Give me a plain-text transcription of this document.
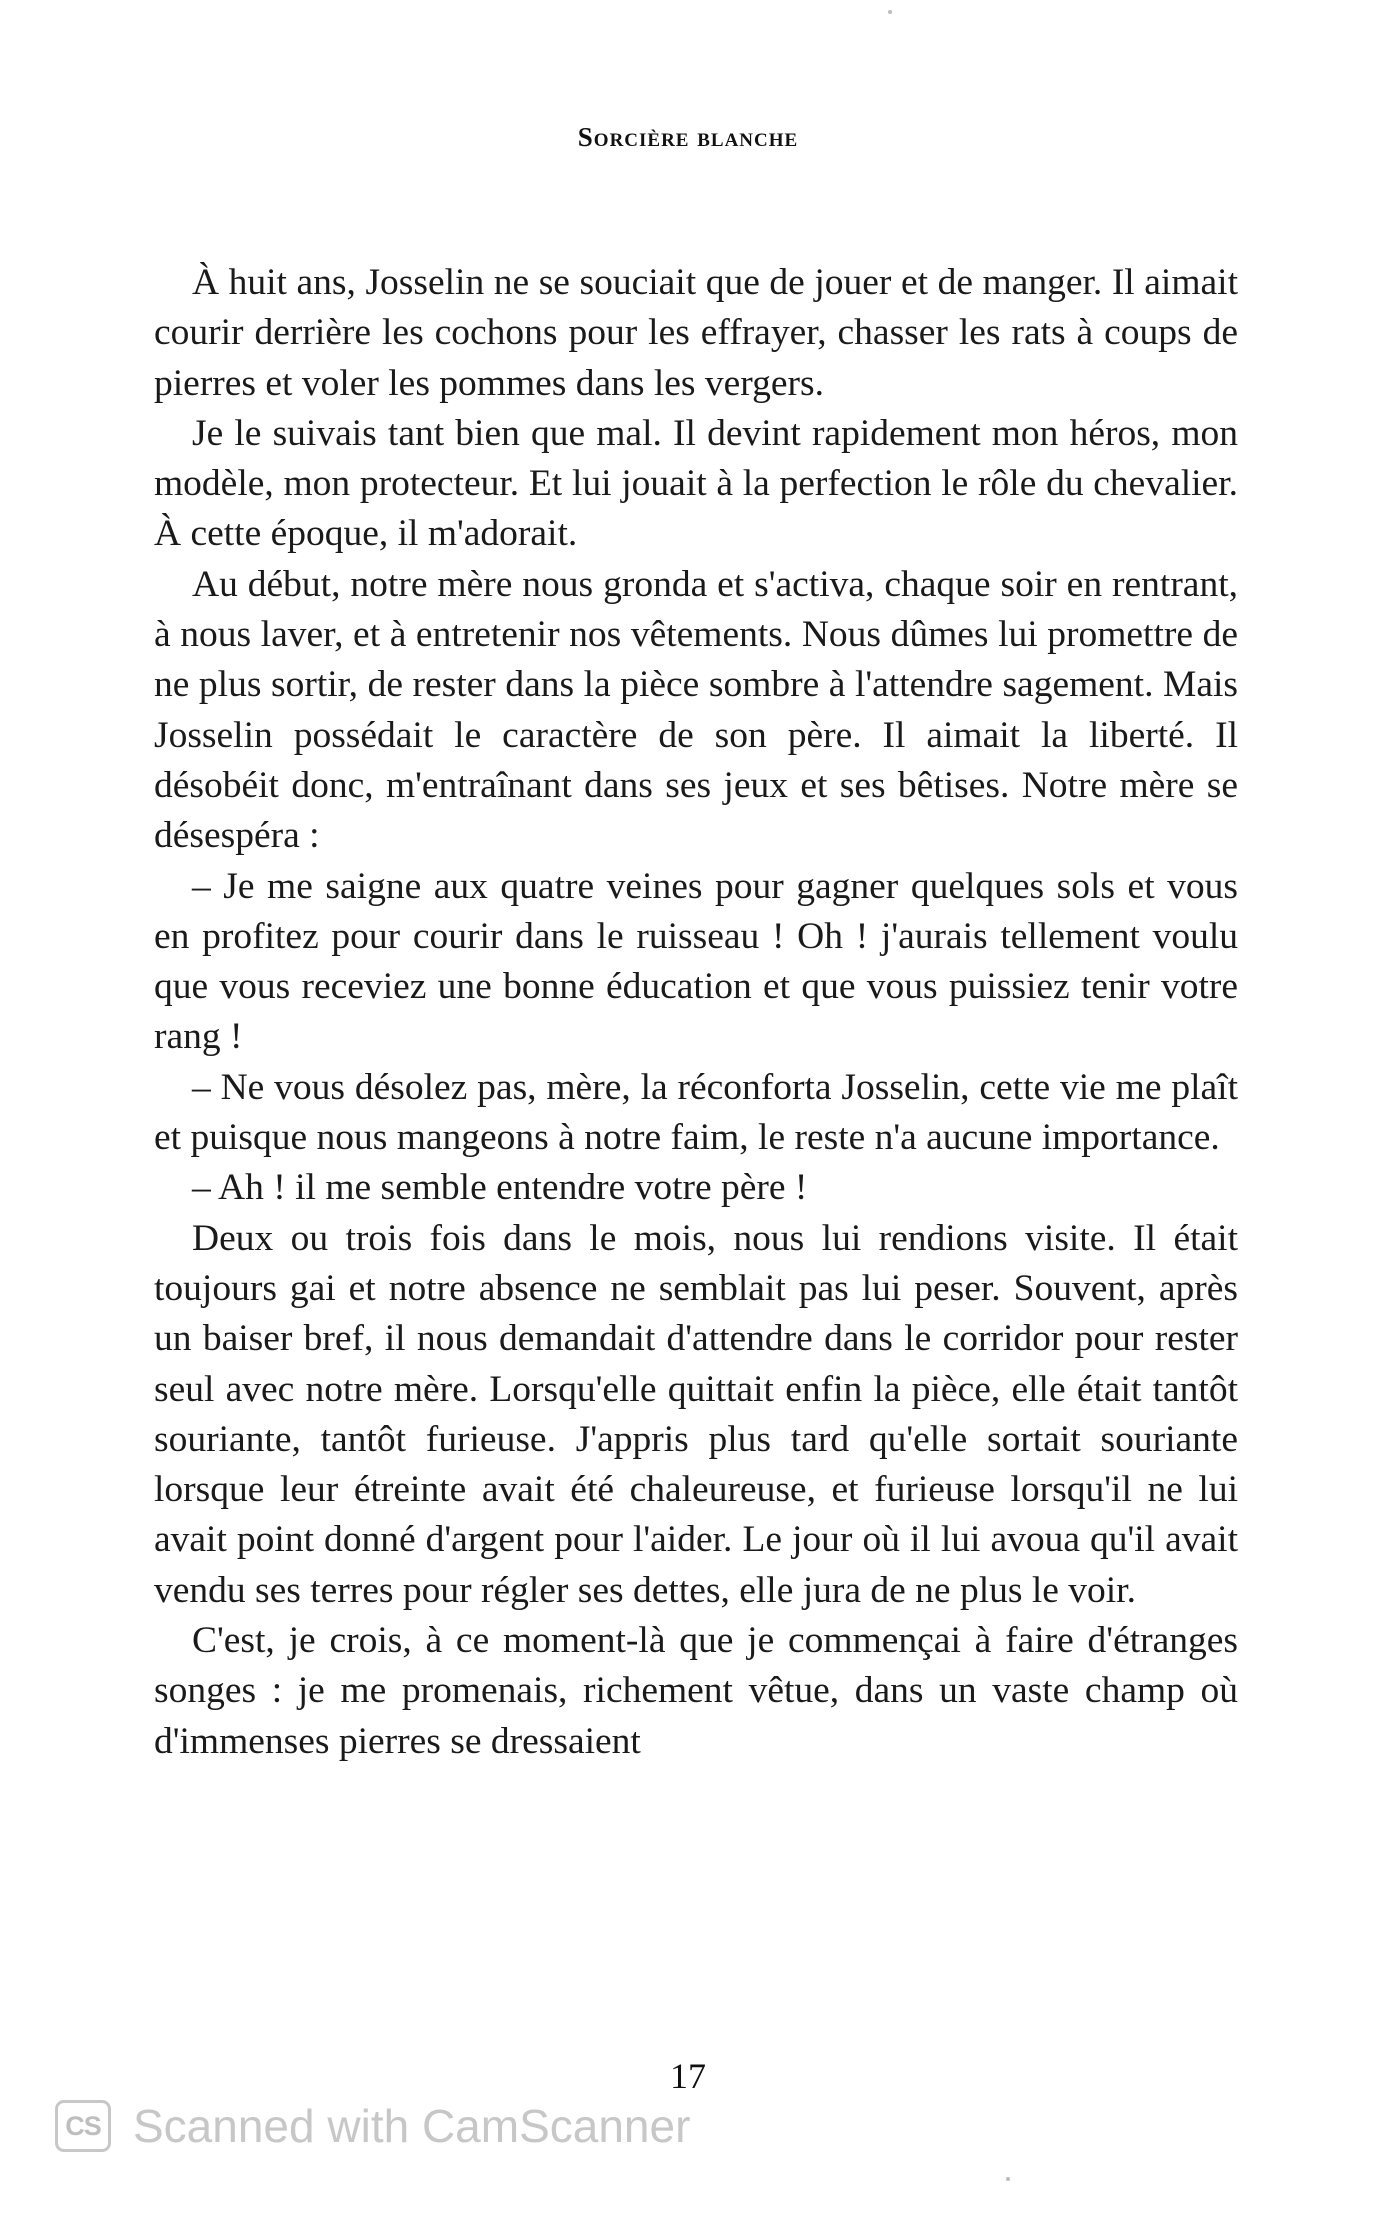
Sorcière blanche

À huit ans, Josselin ne se souciait que de jouer et de manger. Il aimait courir derrière les cochons pour les effrayer, chasser les rats à coups de pierres et voler les pommes dans les vergers.

Je le suivais tant bien que mal. Il devint rapidement mon héros, mon modèle, mon protecteur. Et lui jouait à la perfection le rôle du chevalier. À cette époque, il m'adorait.

Au début, notre mère nous gronda et s'activa, chaque soir en rentrant, à nous laver, et à entretenir nos vêtements. Nous dûmes lui promettre de ne plus sortir, de rester dans la pièce sombre à l'attendre sagement. Mais Josselin possédait le caractère de son père. Il aimait la liberté. Il désobéit donc, m'entraînant dans ses jeux et ses bêtises. Notre mère se désespéra :

– Je me saigne aux quatre veines pour gagner quelques sols et vous en profitez pour courir dans le ruisseau ! Oh ! j'aurais tellement voulu que vous receviez une bonne éducation et que vous puissiez tenir votre rang !

– Ne vous désolez pas, mère, la réconforta Josselin, cette vie me plaît et puisque nous mangeons à notre faim, le reste n'a aucune importance.

– Ah ! il me semble entendre votre père !

Deux ou trois fois dans le mois, nous lui rendions visite. Il était toujours gai et notre absence ne semblait pas lui peser. Souvent, après un baiser bref, il nous demandait d'attendre dans le corridor pour rester seul avec notre mère. Lorsqu'elle quittait enfin la pièce, elle était tantôt souriante, tantôt furieuse. J'appris plus tard qu'elle sortait souriante lorsque leur étreinte avait été chaleureuse, et furieuse lorsqu'il ne lui avait point donné d'argent pour l'aider. Le jour où il lui avoua qu'il avait vendu ses terres pour régler ses dettes, elle jura de ne plus le voir.

C'est, je crois, à ce moment-là que je commençai à faire d'étranges songes : je me promenais, richement vêtue, dans un vaste champ où d'immenses pierres se dressaient

17
CS Scanned with CamScanner
